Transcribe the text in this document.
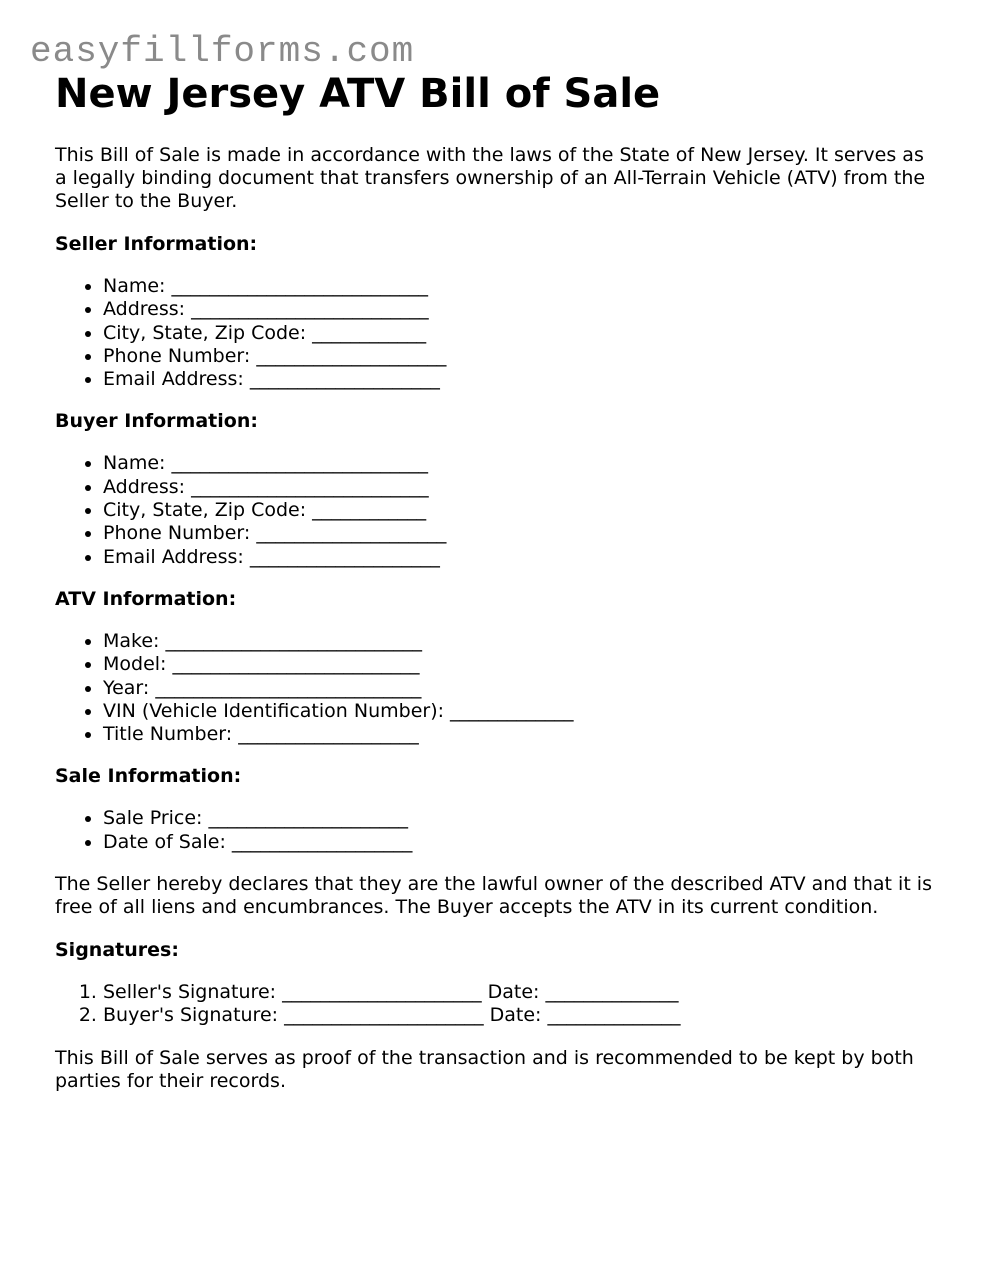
easyfillforms.com
New Jersey ATV Bill of Sale

This Bill of Sale is made in accordance with the laws of the State of New Jersey. It serves as a legally binding document that transfers ownership of an All-Terrain Vehicle (ATV) from the Seller to the Buyer.

Seller Information:
• Name: ___________________________
• Address: _________________________
• City, State, Zip Code: ____________
• Phone Number: ____________________
• Email Address: ____________________
Buyer Information:
• Name: ___________________________
• Address: _________________________
• City, State, Zip Code: ____________
• Phone Number: ____________________
• Email Address: ____________________
ATV Information:
• Make: ___________________________
• Model: __________________________
• Year: ____________________________
• VIN (Vehicle Identification Number): _____________
• Title Number: ___________________
Sale Information:
• Sale Price: _____________________
• Date of Sale: ___________________

The Seller hereby declares that they are the lawful owner of the described ATV and that it is free of all liens and encumbrances. The Buyer accepts the ATV in its current condition.

Signatures:
1. Seller's Signature: _____________________ Date: ______________
2. Buyer's Signature: _____________________ Date: ______________

This Bill of Sale serves as proof of the transaction and is recommended to be kept by both parties for their records.
